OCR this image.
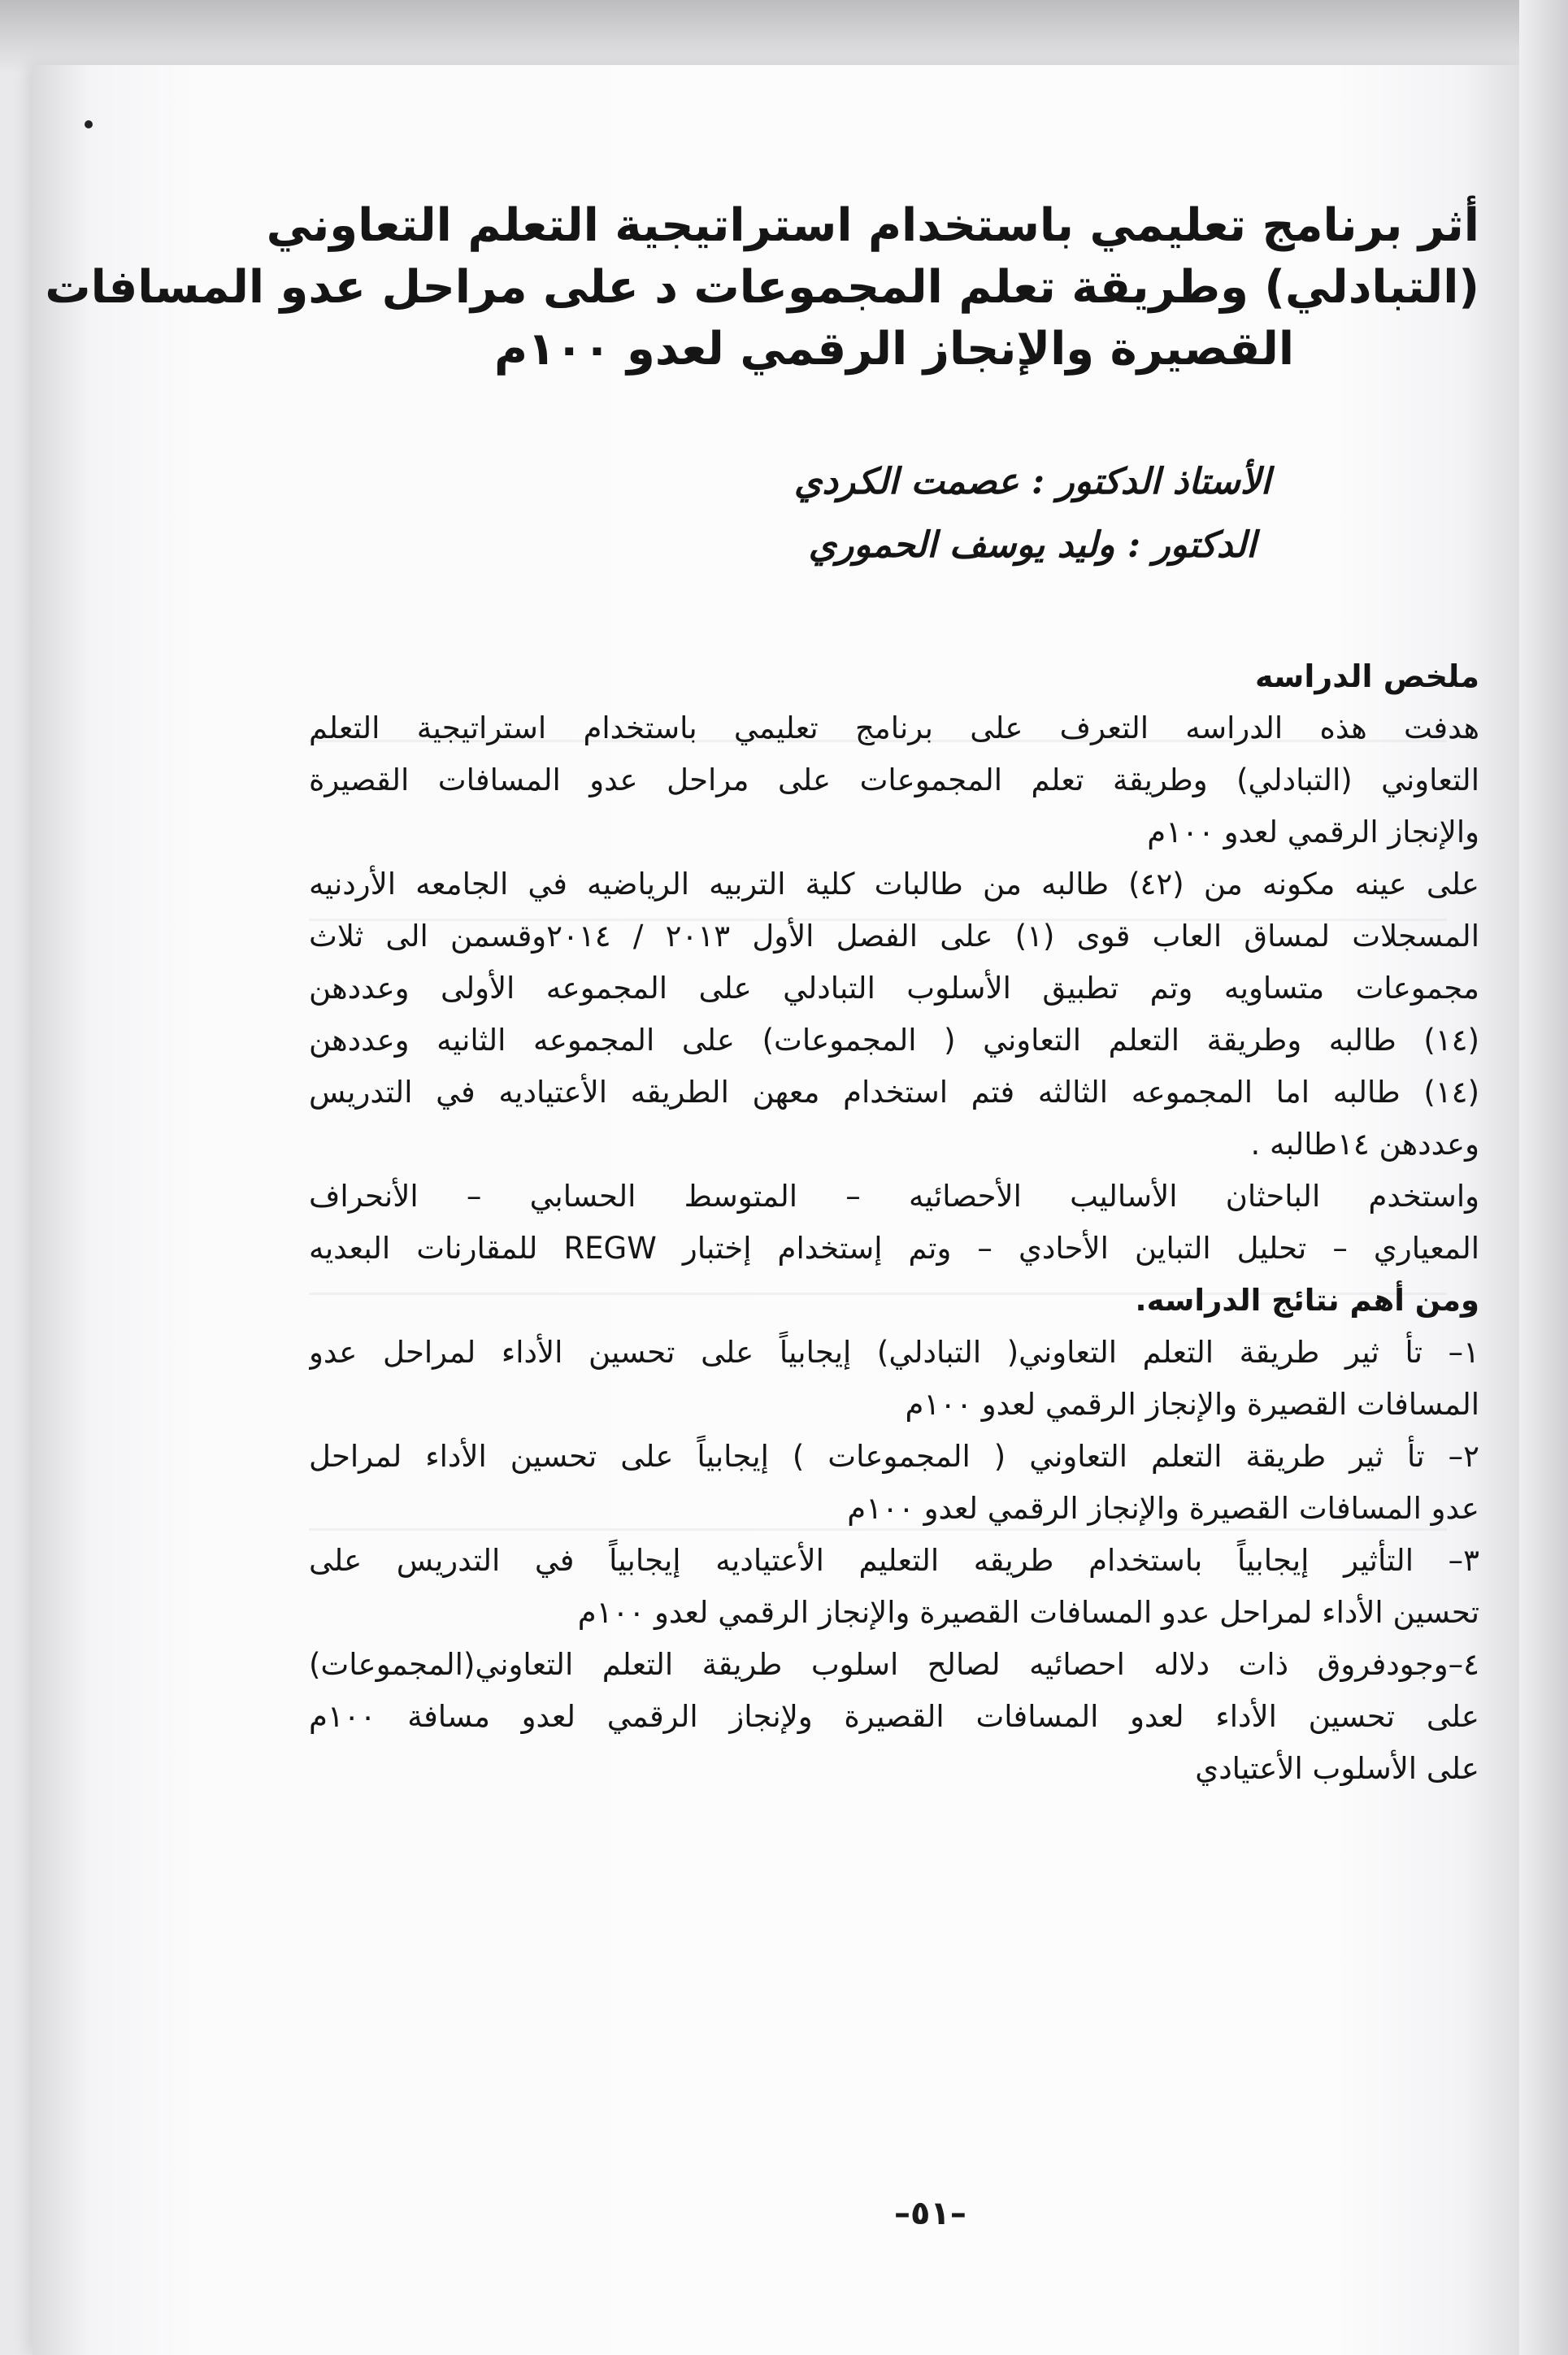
أثر برنامج تعليمي باستخدام استراتيجية التعلم التعاوني
(التبادلي) وطريقة تعلم المجموعات د على مراحل عدو المسافات
القصيرة والإنجاز الرقمي لعدو ١٠٠م
الأستاذ الدكتور : عصمت الكردي
الدكتور : وليد يوسف الحموري
ملخص الدراسه
هدفت هذه الدراسه التعرف على برنامج تعليمي باستخدام استراتيجية التعلم
التعاوني (التبادلي) وطريقة تعلم المجموعات على مراحل عدو المسافات القصيرة
والإنجاز الرقمي لعدو ١٠٠م
على عينه مكونه من (٤٢) طالبه من طالبات كلية التربيه الرياضيه في الجامعه الأردنيه
المسجلات لمساق العاب قوى (١) على الفصل الأول ٢٠١٣ / ٢٠١٤وقسمن الى ثلاث
مجموعات متساويه وتم تطبيق الأسلوب التبادلي على المجموعه الأولى وعددهن
(١٤) طالبه وطريقة التعلم التعاوني ( المجموعات) على المجموعه الثانيه وعددهن
(١٤) طالبه اما المجموعه الثالثه فتم استخدام معهن الطريقه الأعتياديه في التدريس
وعددهن ١٤طالبه .
واستخدم الباحثان الأساليب الأحصائيه – المتوسط الحسابي – الأنحراف
المعياري – تحليل التباين الأحادي – وتم إستخدام إختبار REGW للمقارنات البعديه
ومن أهم نتائج الدراسه.
١– تأ ثير طريقة التعلم التعاوني( التبادلي) إيجابياً على تحسين الأداء لمراحل عدو
المسافات القصيرة والإنجاز الرقمي لعدو ١٠٠م
٢– تأ ثير طريقة التعلم التعاوني ( المجموعات ) إيجابياً على تحسين الأداء لمراحل
عدو المسافات القصيرة والإنجاز الرقمي لعدو ١٠٠م
٣– التأثير إيجابياً باستخدام طريقه التعليم الأعتياديه إيجابياً في التدريس على
تحسين الأداء لمراحل عدو المسافات القصيرة والإنجاز الرقمي لعدو ١٠٠م
٤–وجودفروق ذات دلاله احصائيه لصالح اسلوب طريقة التعلم التعاوني(المجموعات)
على تحسين الأداء لعدو المسافات القصيرة ولإنجاز الرقمي لعدو مسافة ١٠٠م
على الأسلوب الأعتيادي
–٥١–
